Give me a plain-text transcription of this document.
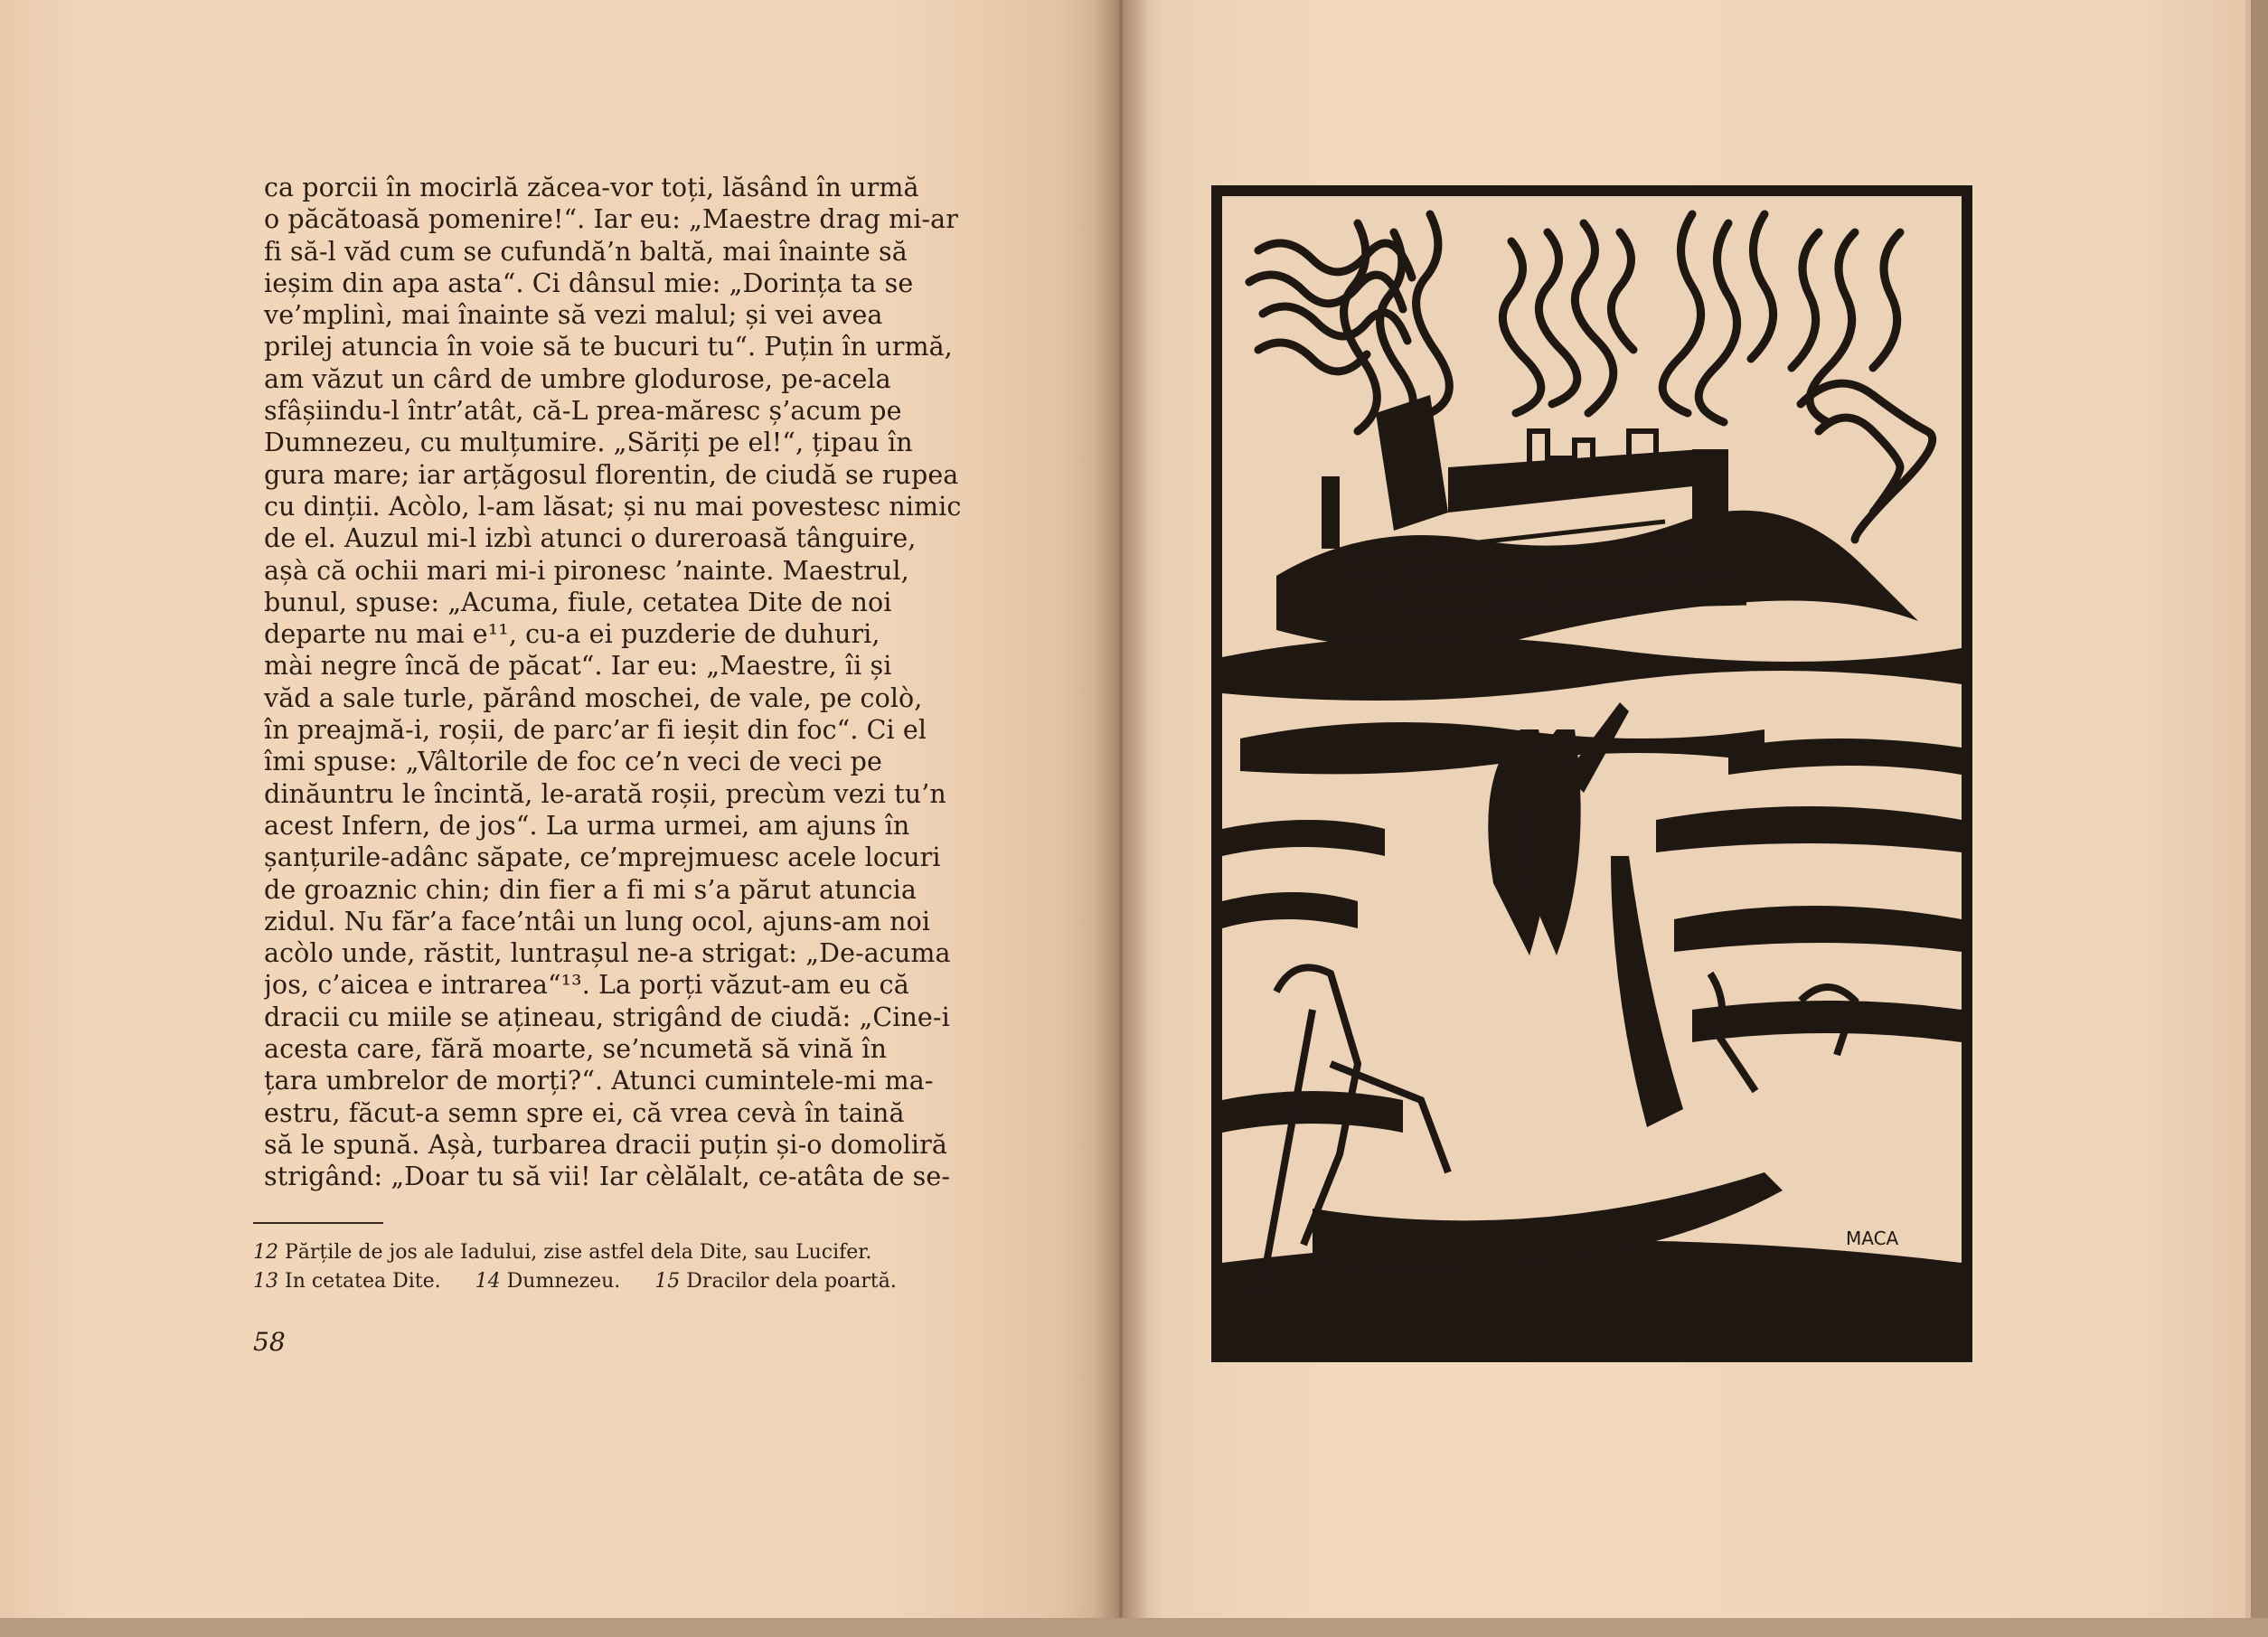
ca porcii în mocirlă zăcea-vor toți, lăsând în urmă
o păcătoasă pomenire!“. Iar eu: „Maestre drag mi-ar
fi să-l văd cum se cufundă’n baltă, mai înainte să
ieșim din apa asta“. Ci dânsul mie: „Dorința ta se
ve’mplinì, mai înainte să vezi malul; și vei avea
prilej atuncia în voie să te bucuri tu“. Puțin în urmă,
am văzut un cârd de umbre glodurose, pe-acela
sfâșiindu-l într’atât, că-L prea-măresc ș’acum pe
Dumnezeu, cu mulțumire. „Săriți pe el!“, țipau în
gura mare; iar arțăgosul florentin, de ciudă se rupea
cu dinții. Acòlo, l-am lăsat; și nu mai povestesc nimic
de el. Auzul mi-l izbì atunci o dureroasă tânguire,
așà că ochii mari mi-i pironesc ’nainte. Maestrul,
bunul, spuse: „Acuma, fiule, cetatea Dite de noi
departe nu mai e¹¹, cu-a ei puzderie de duhuri,
mài negre încă de păcat“. Iar eu: „Maestre, îi și
văd a sale turle, părând moschei, de vale, pe colò,
în preajmă-i, roșii, de parc’ar fi ieșit din foc“. Ci el
îmi spuse: „Vâltorile de foc ce’n veci de veci pe
dinăuntru le încintă, le-arată roșii, precùm vezi tu’n
acest Infern, de jos“. La urma urmei, am ajuns în
șanțurile-adânc săpate, ce’mprejmuesc acele locuri
de groaznic chin; din fier a fi mi s’a părut atuncia
zidul. Nu făr’a face’ntâi un lung ocol, ajuns-am noi
acòlo unde, răstit, luntrașul ne-a strigat: „De-acuma
jos, c’aicea e intrarea“¹³. La porți văzut-am eu că
dracii cu miile se ațineau, strigând de ciudă: „Cine-i
acesta care, fără moarte, se’ncumetă să vină în
țara umbrelor de morți?“. Atunci cumintele-mi ma-
estru, făcut-a semn spre ei, că vrea cevà în taină
să le spună. Așà, turbarea dracii puțin și-o domoliră
strigând: „Doar tu să vii! Iar cèlălalt, ce-atâta de se-
12 Părțile de jos ale Iadului, zise astfel dela Dite, sau Lucifer.
13 In cetatea Dite. 14 Dumnezeu. 15 Dracilor dela poartă.
58
MACA
